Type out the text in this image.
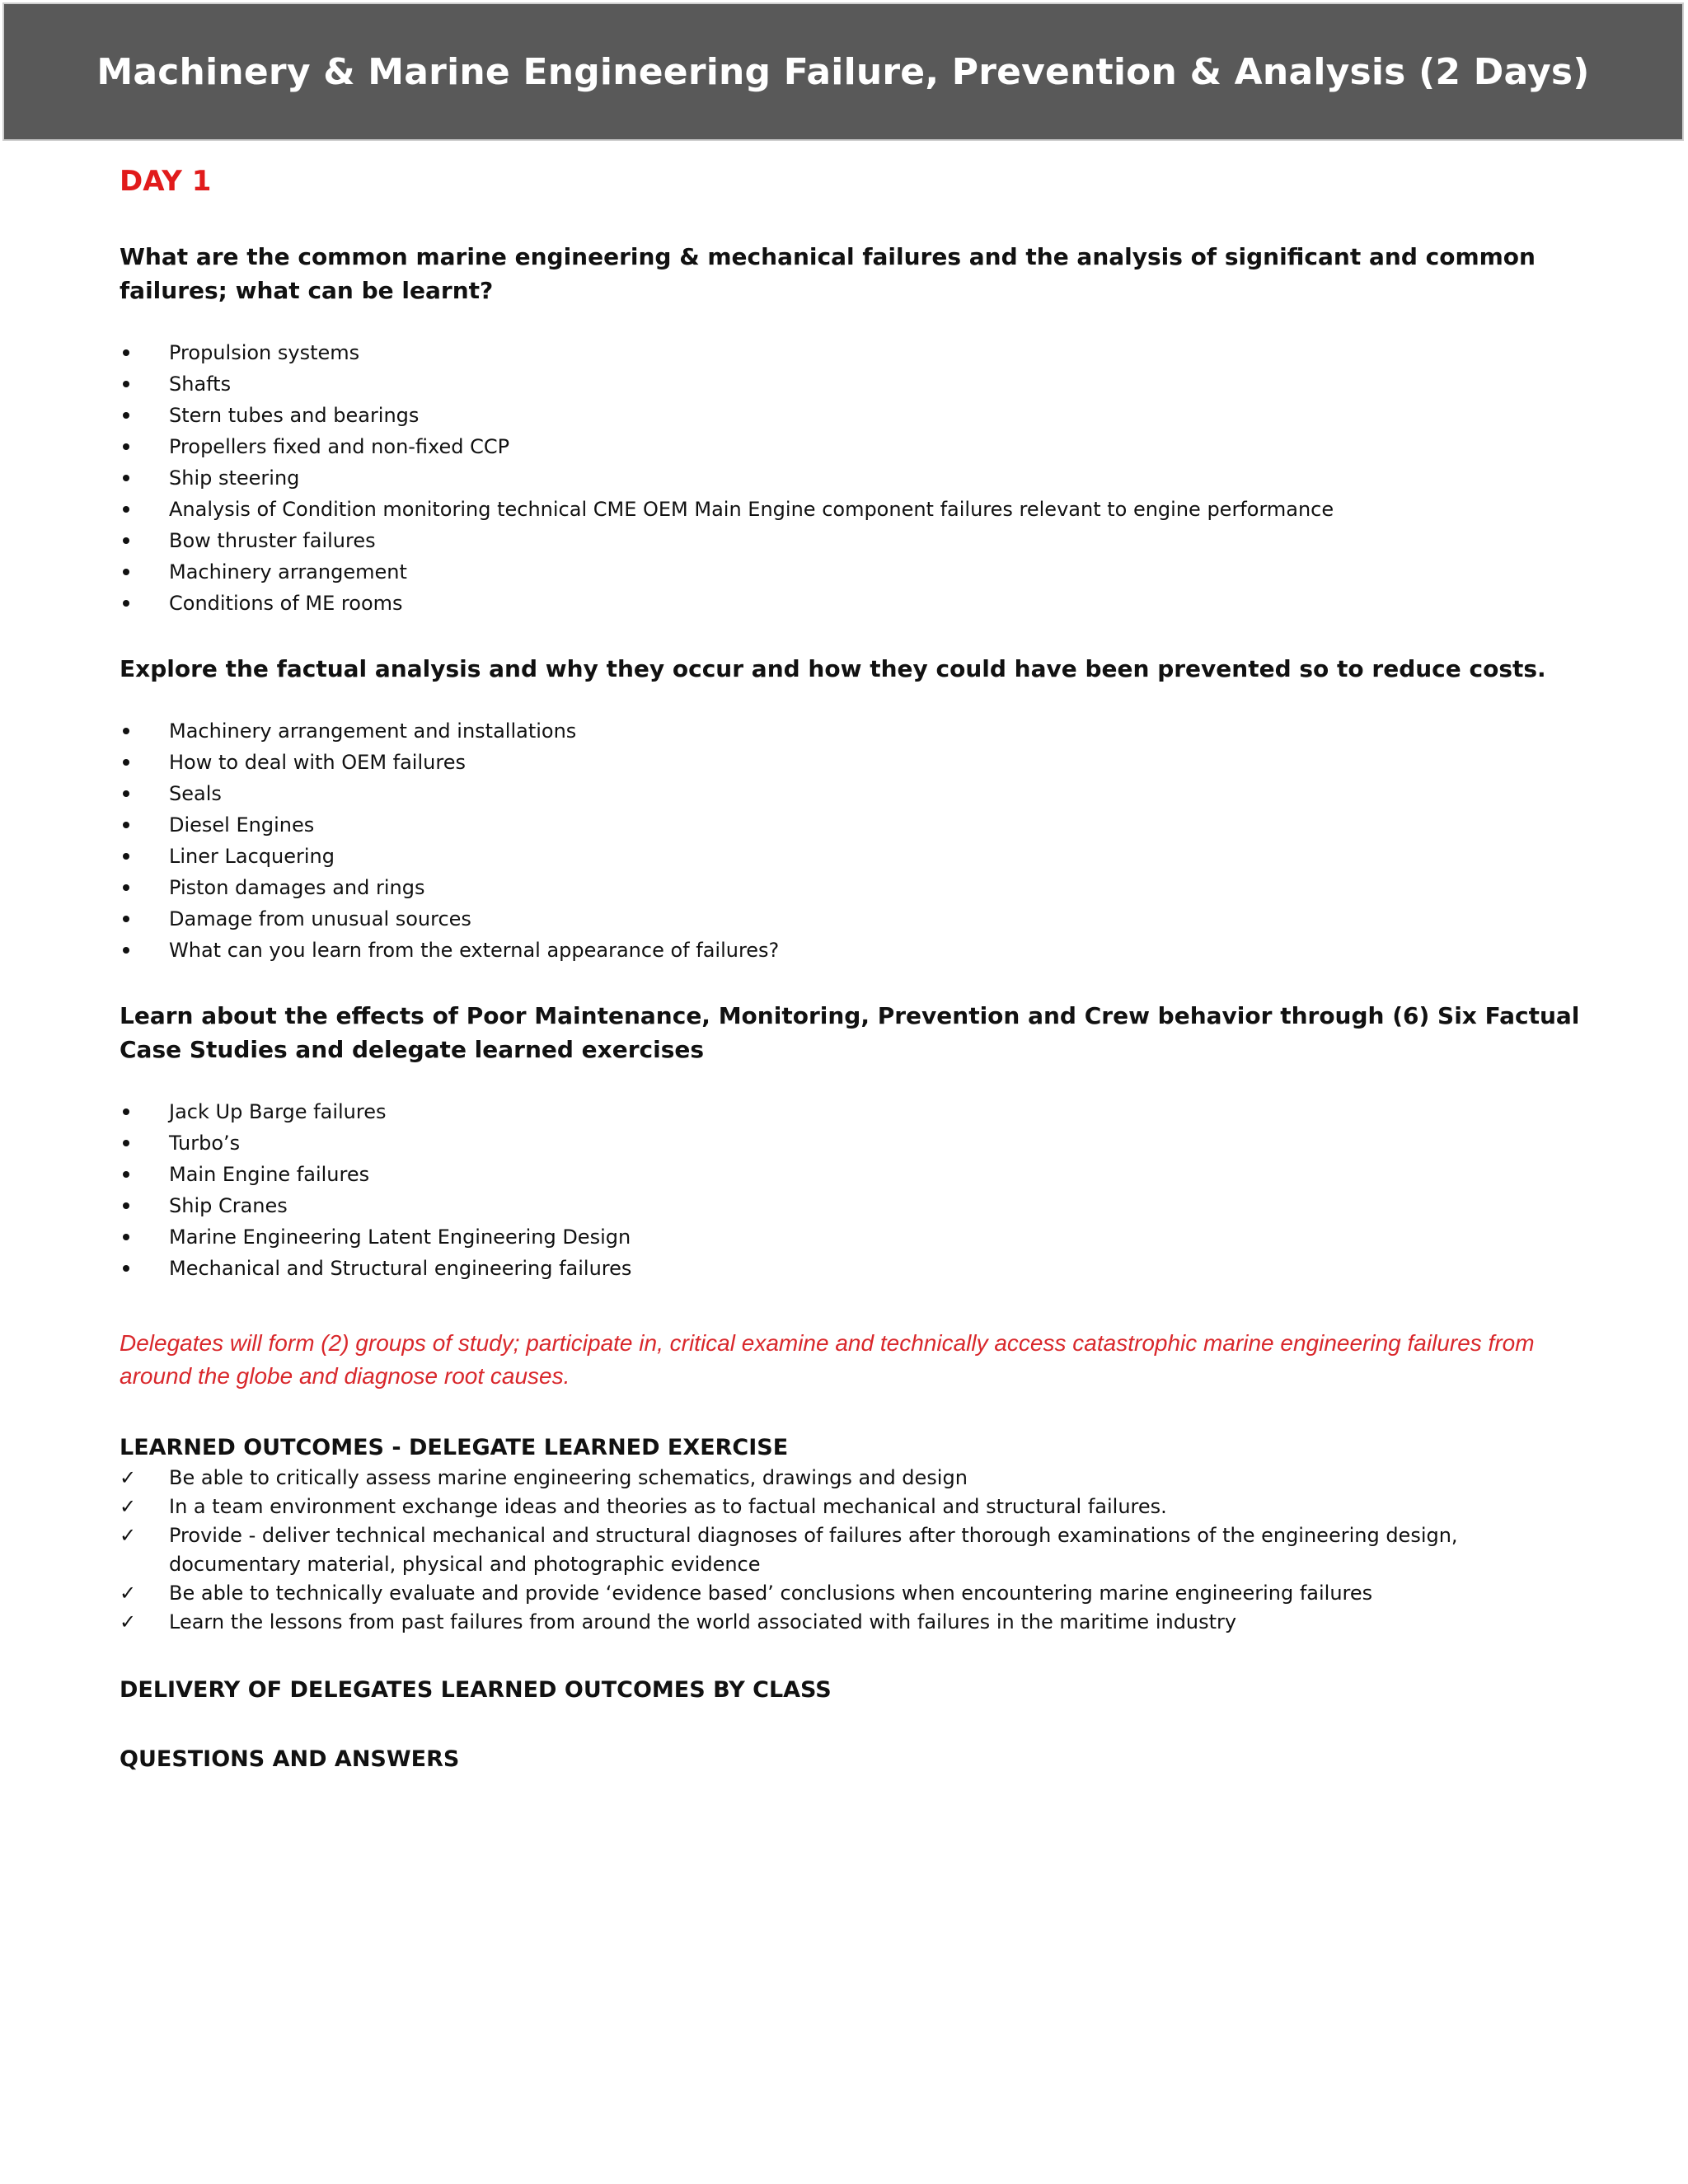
Machinery & Marine Engineering Failure, Prevention & Analysis (2 Days)
DAY 1

What are the common marine engineering & mechanical failures and the analysis of significant and common failures; what can be learnt?

Propulsion systems
Shafts
Stern tubes and bearings
Propellers fixed and non-fixed CCP
Ship steering
Analysis of Condition monitoring technical CME OEM Main Engine component failures relevant to engine performance
Bow thruster failures
Machinery arrangement
Conditions of ME rooms

Explore the factual analysis and why they occur and how they could have been prevented so to reduce costs.

Machinery arrangement and installations
How to deal with OEM failures
Seals
Diesel Engines
Liner Lacquering
Piston damages and rings
Damage from unusual sources
What can you learn from the external appearance of failures?

Learn about the effects of Poor Maintenance, Monitoring, Prevention and Crew behavior through (6) Six Factual Case Studies and delegate learned exercises

Jack Up Barge failures
Turbo’s
Main Engine failures
Ship Cranes
Marine Engineering Latent Engineering Design
Mechanical and Structural engineering failures

Delegates will form (2) groups of study; participate in, critical examine and technically access catastrophic marine engineering failures from around the globe and diagnose root causes.

LEARNED OUTCOMES - DELEGATE LEARNED EXERCISE

✓ Be able to critically assess marine engineering schematics, drawings and design
✓ In a team environment exchange ideas and theories as to factual mechanical and structural failures.
✓ Provide - deliver technical mechanical and structural diagnoses of failures after thorough examinations of the engineering design, documentary material, physical and photographic evidence
✓ Be able to technically evaluate and provide ‘evidence based’ conclusions when encountering marine engineering failures
✓ Learn the lessons from past failures from around the world associated with failures in the maritime industry

DELIVERY OF DELEGATES LEARNED OUTCOMES BY CLASS

QUESTIONS AND ANSWERS
